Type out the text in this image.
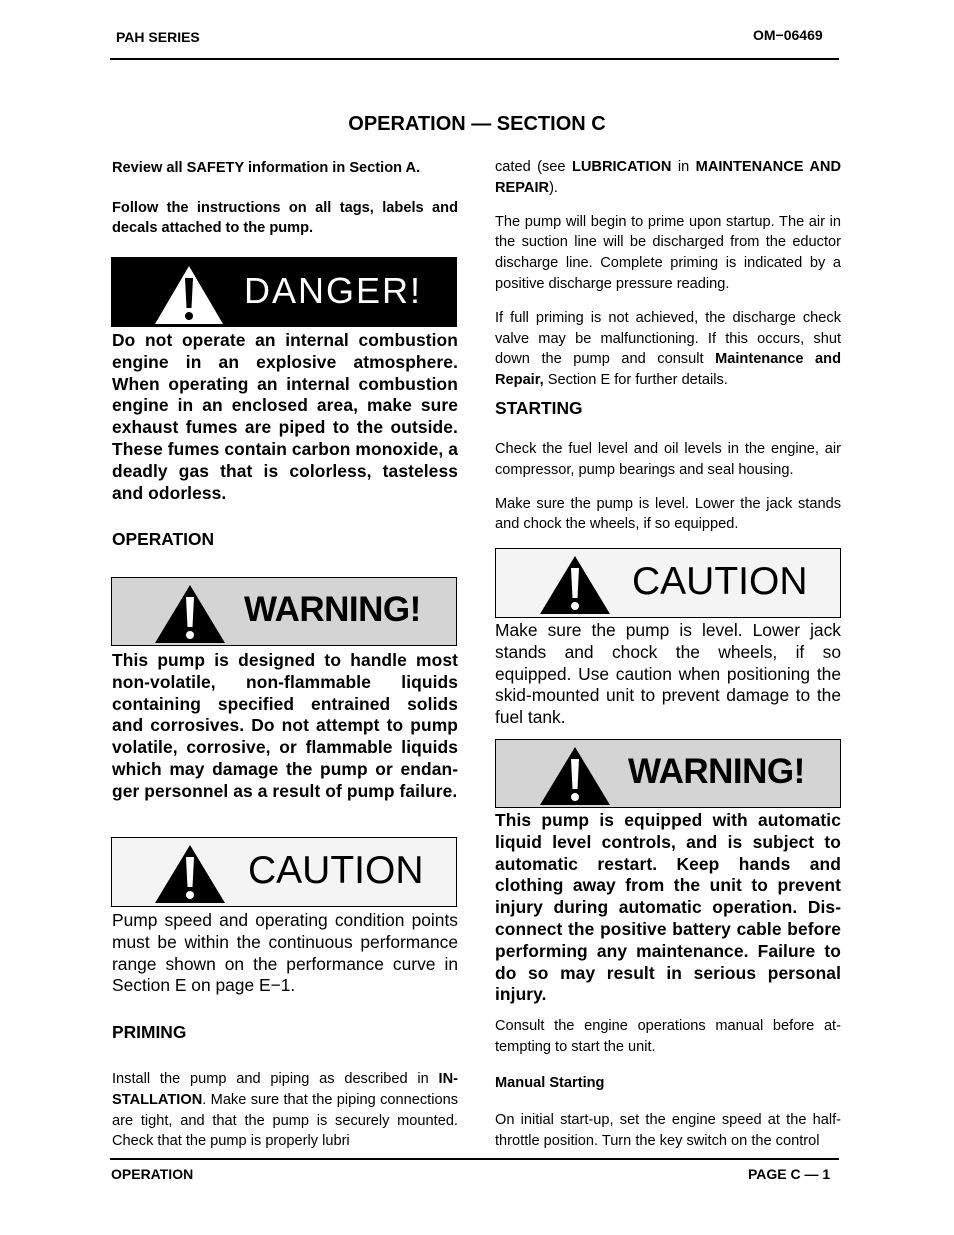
PAH SERIES	OM−06469
OPERATION — SECTION C

Review all SAFETY information in Section A.

Follow the instructions on all tags, labels and decals attached to the pump.

DANGER!

Do not operate an internal combustion engine in an explosive atmosphere. When operating an internal combustion engine in an enclosed area, make sure exhaust fumes are piped to the outside. These fumes contain carbon monoxide, a deadly gas that is colorless, tasteless and odorless.

OPERATION
WARNING!

This pump is designed to handle most non-volatile, non-flammable liquids containing specified entrained solids and corrosives. Do not attempt to pump volatile, corrosive, or flammable liquids which may damage the pump or endanger personnel as a result of pump failure.

CAUTION

Pump speed and operating condition points must be within the continuous performance range shown on the performance curve in Section E on page E−1.

PRIMING

Install the pump and piping as described in INSTALLATION. Make sure that the piping connections are tight, and that the pump is securely mounted. Check that the pump is properly lubri

cated (see LUBRICATION in MAINTENANCE AND REPAIR).

The pump will begin to prime upon startup. The air in the suction line will be discharged from the eductor discharge line. Complete priming is indicated by a positive discharge pressure reading.

If full priming is not achieved, the discharge check valve may be malfunctioning. If this occurs, shut down the pump and consult Maintenance and Repair, Section E for further details.

STARTING

Check the fuel level and oil levels in the engine, air compressor, pump bearings and seal housing.

Make sure the pump is level. Lower the jack stands and chock the wheels, if so equipped.

CAUTION

Make sure the pump is level. Lower jack stands and chock the wheels, if so equipped. Use caution when positioning the skid-mounted unit to prevent damage to the fuel tank.

WARNING!

This pump is equipped with automatic liquid level controls, and is subject to automatic restart. Keep hands and clothing away from the unit to prevent injury during automatic operation. Disconnect the positive battery cable before performing any maintenance. Failure to do so may result in serious personal injury.

Consult the engine operations manual before attempting to start the unit.

Manual Starting

On initial start-up, set the engine speed at the half-throttle position. Turn the key switch on the control

OPERATION	PAGE C — 1
